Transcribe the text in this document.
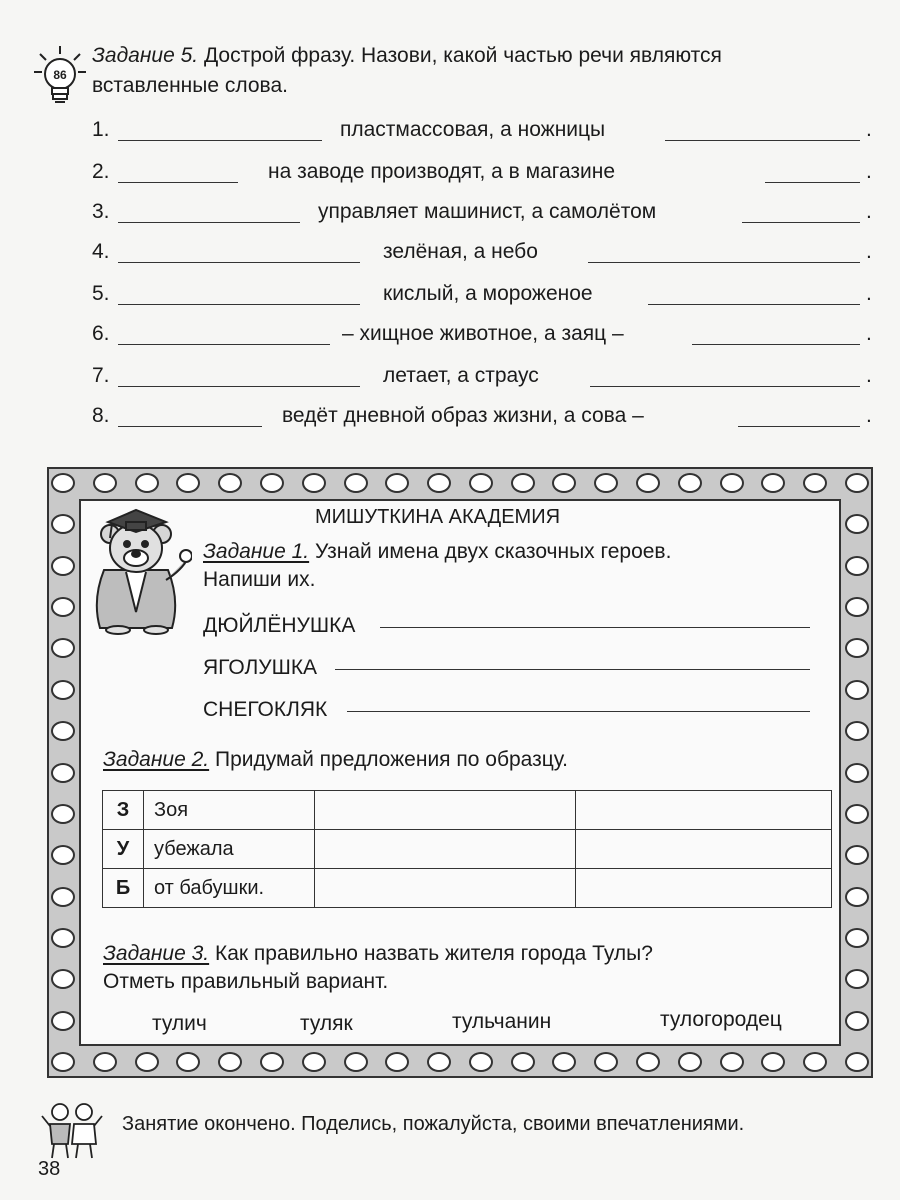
86
Задание 5. Дострой фразу. Назови, какой частью речи являются
вставленные слова.
1.	пластмассовая, а ножницы	.
2.	на заводе производят, а в магазине	.
3.	управляет машинист, а самолётом	.
4.	зелёная, а небо	.
5.	кислый, а мороженое	.
6.	– хищное животное, а заяц –	.
7.	летает, а страус	.
8.	ведёт дневной образ жизни, а сова –	.
МИШУТКИНА АКАДЕМИЯ
Задание 1. Узнай имена двух сказочных героев.
Напиши их.
ДЮЙЛЁНУШКА
ЯГОЛУШКА
СНЕГОКЛЯК
Задание 2. Придумай предложения по образцу.
З	Зоя		
У	убежала		
Б	от бабушки.		
Задание 3. Как правильно назвать жителя города Тулы?
Отметь правильный вариант.
тулич	туляк	тульчанин	тулогородец
Занятие окончено. Поделись, пожалуйста, своими впечатлениями.
38
